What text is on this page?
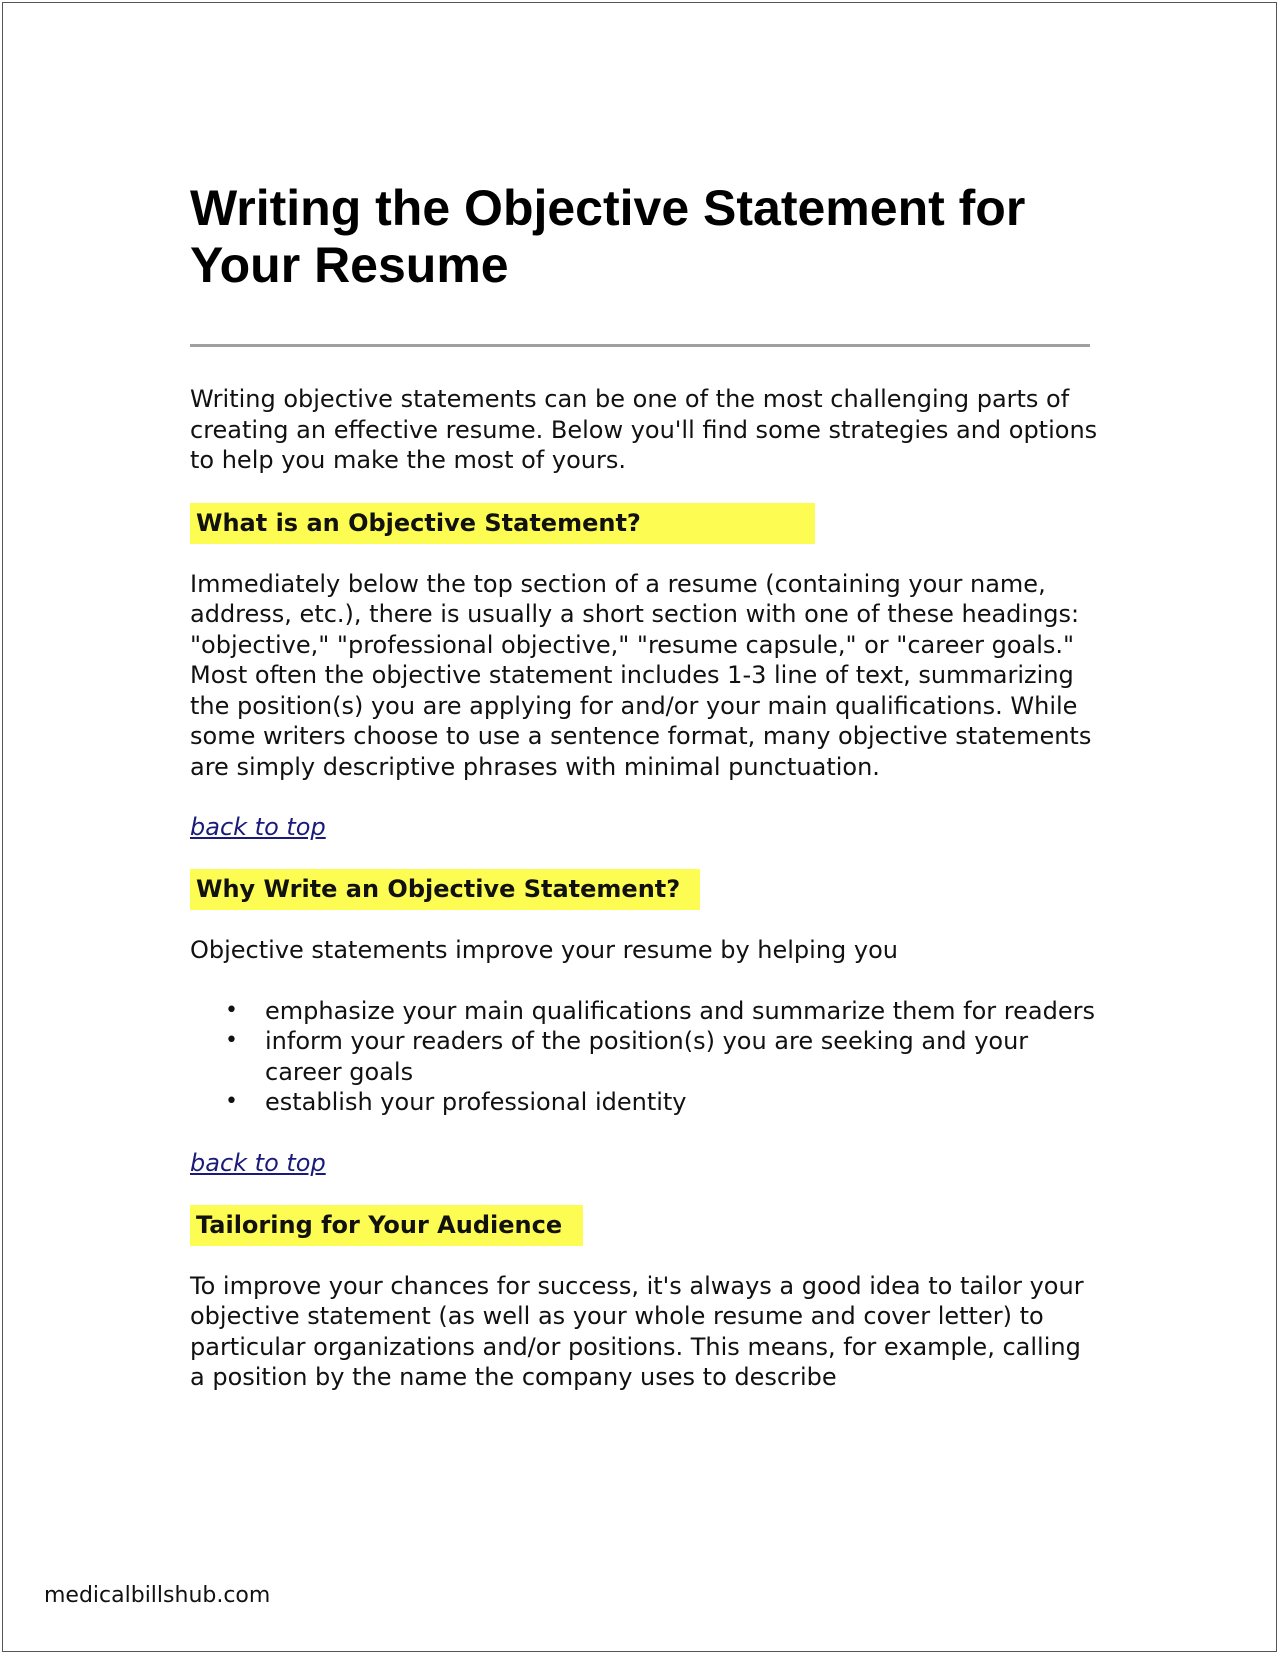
Writing the Objective Statement for
Your Resume

Writing objective statements can be one of the most challenging parts of creating an effective resume. Below you'll find some strategies and options to help you make the most of yours.

What is an Objective Statement?

Immediately below the top section of a resume (containing your name, address, etc.), there is usually a short section with one of these headings: "objective," "professional objective," "resume capsule," or "career goals." Most often the objective statement includes 1-3 line of text, summarizing the position(s) you are applying for and/or your main qualifications. While some writers choose to use a sentence format, many objective statements are simply descriptive phrases with minimal punctuation.

back to top
Why Write an Objective Statement?

Objective statements improve your resume by helping you

• emphasize your main qualifications and summarize them for readers
• inform your readers of the position(s) you are seeking and your career goals
• establish your professional identity
back to top
Tailoring for Your Audience

To improve your chances for success, it's always a good idea to tailor your objective statement (as well as your whole resume and cover letter) to particular organizations and/or positions. This means, for example, calling a position by the name the company uses to describe

medicalbillshub.com
